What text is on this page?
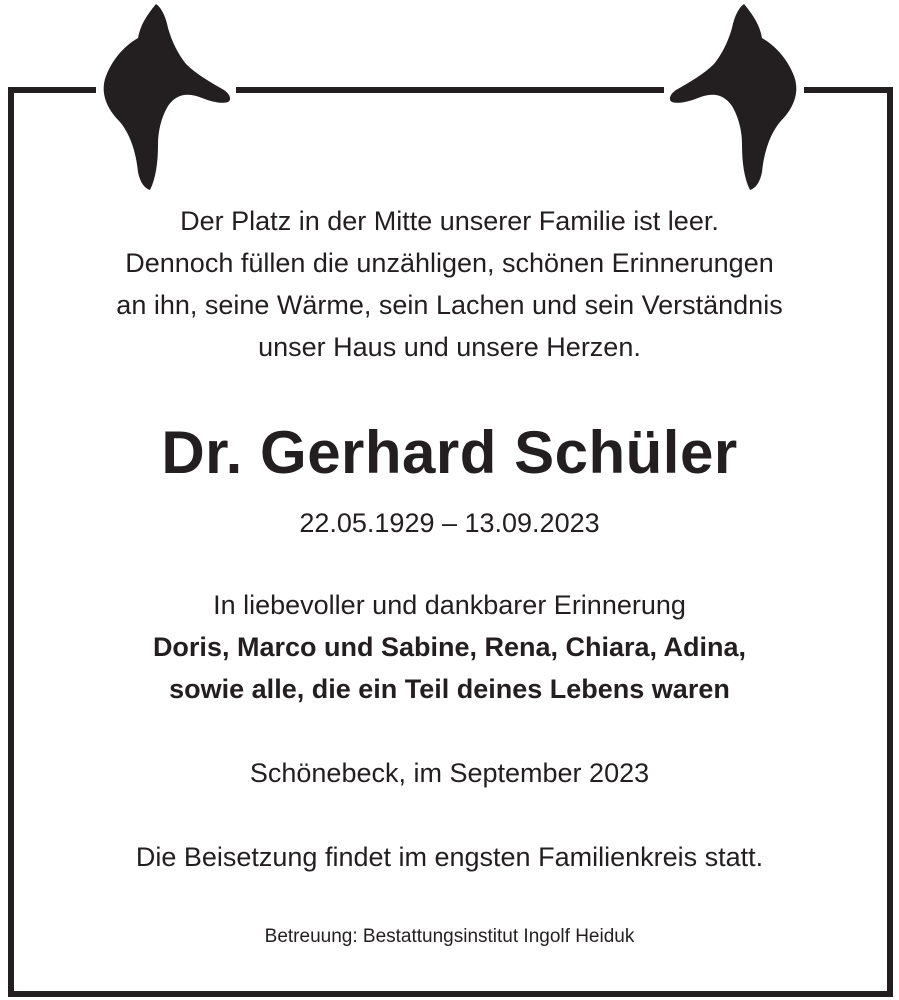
Der Platz in der Mitte unserer Familie ist leer.
Dennoch füllen die unzähligen, schönen Erinnerungen
an ihn, seine Wärme, sein Lachen und sein Verständnis
unser Haus und unsere Herzen.
Dr. Gerhard Schüler
22.05.1929 – 13.09.2023
In liebevoller und dankbarer Erinnerung
Doris, Marco und Sabine, Rena, Chiara, Adina,
sowie alle, die ein Teil deines Lebens waren
Schönebeck, im September 2023
Die Beisetzung findet im engsten Familienkreis statt.
Betreuung: Bestattungsinstitut Ingolf Heiduk
